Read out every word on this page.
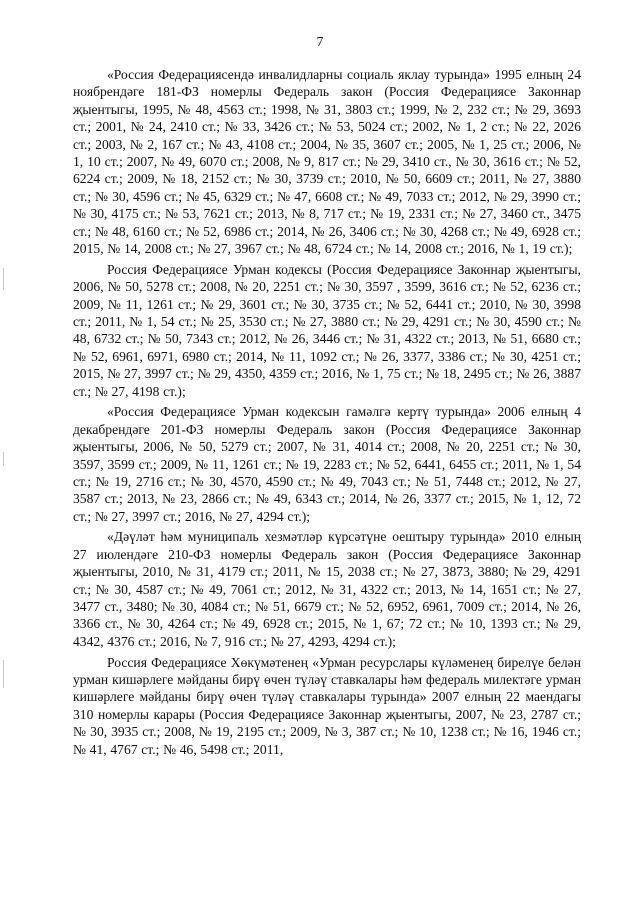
7

«Россия Федерациясендә инвалидларны социаль яклау турында» 1995 елның 24 ноябрендәге 181-ФЗ номерлы Федераль закон (Россия Федерациясе Законнар җыентыгы, 1995, № 48, 4563 ст.; 1998, № 31, 3803 ст.; 1999, № 2, 232 ст.; № 29, 3693 ст.; 2001, № 24, 2410 ст.; № 33, 3426 ст.; № 53, 5024 ст.; 2002, № 1, 2 ст.; № 22, 2026 ст.; 2003, № 2, 167 ст.; № 43, 4108 ст.; 2004, № 35, 3607 ст.; 2005, № 1, 25 ст.; 2006, № 1, 10 ст.; 2007, № 49, 6070 ст.; 2008, № 9, 817 ст.; № 29, 3410 ст., № 30, 3616 ст.; № 52, 6224 ст.; 2009, № 18, 2152 ст.; № 30, 3739 ст.; 2010, № 50, 6609 ст.; 2011, № 27, 3880 ст.; № 30, 4596 ст.; № 45, 6329 ст.; № 47, 6608 ст.; № 49, 7033 ст.; 2012, № 29, 3990 ст.; № 30, 4175 ст.; № 53, 7621 ст.; 2013, № 8, 717 ст.; № 19, 2331 ст.; № 27, 3460 ст., 3475 ст.; № 48, 6160 ст.; № 52, 6986 ст.; 2014, № 26, 3406 ст.; № 30, 4268 ст.; № 49, 6928 ст.; 2015, № 14, 2008 ст.; № 27, 3967 ст.; № 48, 6724 ст.; № 14, 2008 ст.; 2016, № 1, 19 ст.);

Россия Федерациясе Урман кодексы (Россия Федерациясе Законнар җыентыгы, 2006, № 50, 5278 ст.; 2008, № 20, 2251 ст.; № 30, 3597 , 3599, 3616 ст.; № 52, 6236 ст.; 2009, № 11, 1261 ст.; № 29, 3601 ст.; № 30, 3735 ст.; № 52, 6441 ст.; 2010, № 30, 3998 ст.; 2011, № 1, 54 ст.; № 25, 3530 ст.; № 27, 3880 ст.; № 29, 4291 ст.; № 30, 4590 ст.; № 48, 6732 ст.; № 50, 7343 ст.; 2012, № 26, 3446 ст.; № 31, 4322 ст.; 2013, № 51, 6680 ст.; № 52, 6961, 6971, 6980 ст.; 2014, № 11, 1092 ст.; № 26, 3377, 3386 ст.; № 30, 4251 ст.; 2015, № 27, 3997 ст.; № 29, 4350, 4359 ст.; 2016, № 1, 75 ст.; № 18, 2495 ст.; № 26, 3887 ст.; № 27, 4198 ст.);

«Россия Федерациясе Урман кодексын гамәлгә кертү турында» 2006 елның 4 декабрендәге 201-ФЗ номерлы Федераль закон (Россия Федерациясе Законнар җыентыгы, 2006, № 50, 5279 ст.; 2007, № 31, 4014 ст.; 2008, № 20, 2251 ст.; № 30, 3597, 3599 ст.; 2009, № 11, 1261 ст.; № 19, 2283 ст.; № 52, 6441, 6455 ст.; 2011, № 1, 54 ст.; № 19, 2716 ст.; № 30, 4570, 4590 ст.; № 49, 7043 ст.; № 51, 7448 ст.; 2012, № 27, 3587 ст.; 2013, № 23, 2866 ст.; № 49, 6343 ст.; 2014, № 26, 3377 ст.; 2015, № 1, 12, 72 ст.; № 27, 3997 ст.; 2016, № 27, 4294 ст.);

«Дәүләт һәм муниципаль хезмәтләр күрсәтүне оештыру турында» 2010 елның 27 июлендәге 210-ФЗ номерлы Федераль закон (Россия Федерациясе Законнар җыентыгы, 2010, № 31, 4179 ст.; 2011, № 15, 2038 ст.; № 27, 3873, 3880; № 29, 4291 ст.; № 30, 4587 ст.; № 49, 7061 ст.; 2012, № 31, 4322 ст.; 2013, № 14, 1651 ст.; № 27, 3477 ст., 3480; № 30, 4084 ст.; № 51, 6679 ст.; № 52, 6952, 6961, 7009 ст.; 2014, № 26, 3366 ст., № 30, 4264 ст.; № 49, 6928 ст.; 2015, № 1, 67; 72 ст.; № 10, 1393 ст.; № 29, 4342, 4376 ст.; 2016, № 7, 916 ст.; № 27, 4293, 4294 ст.);

Россия Федерациясе Хөкүмәтенең «Урман ресурслары күләменең бирелүе белән урман кишәрлеге мәйданы бирү өчен түләү ставкалары һәм федераль милектәге урман кишәрлеге мәйданы бирү өчен түләү ставкалары турында» 2007 елның 22 маендагы 310 номерлы карары (Россия Федерациясе Законнар җыентыгы, 2007, № 23, 2787 ст.; № 30, 3935 ст.; 2008, № 19, 2195 ст.; 2009, № 3, 387 ст.; № 10, 1238 ст.; № 16, 1946 ст.; № 41, 4767 ст.; № 46, 5498 ст.; 2011,
